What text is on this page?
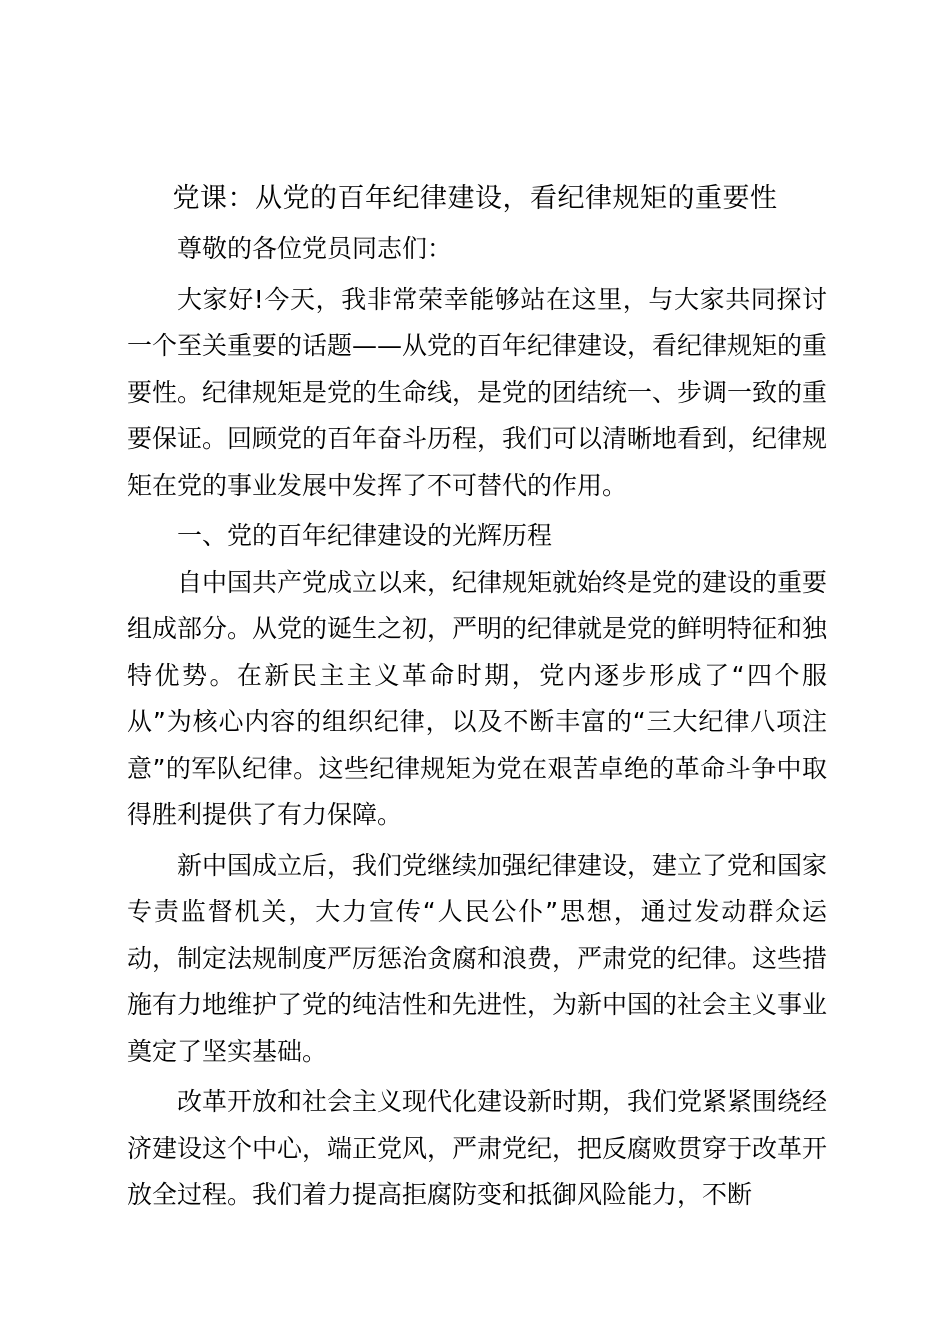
党课：从党的百年纪律建设，看纪律规矩的重要性

尊敬的各位党员同志们：

大家好!今天，我非常荣幸能够站在这里，与大家共同探讨一个至关重要的话题——从党的百年纪律建设，看纪律规矩的重要性。纪律规矩是党的生命线，是党的团结统一、步调一致的重要保证。回顾党的百年奋斗历程，我们可以清晰地看到，纪律规矩在党的事业发展中发挥了不可替代的作用。

一、党的百年纪律建设的光辉历程

自中国共产党成立以来，纪律规矩就始终是党的建设的重要组成部分。从党的诞生之初，严明的纪律就是党的鲜明特征和独特优势。在新民主主义革命时期，党内逐步形成了“四个服从”为核心内容的组织纪律，以及不断丰富的“三大纪律八项注意”的军队纪律。这些纪律规矩为党在艰苦卓绝的革命斗争中取得胜利提供了有力保障。

新中国成立后，我们党继续加强纪律建设，建立了党和国家专责监督机关，大力宣传“人民公仆”思想，通过发动群众运动，制定法规制度严厉惩治贪腐和浪费，严肃党的纪律。这些措施有力地维护了党的纯洁性和先进性，为新中国的社会主义事业奠定了坚实基础。

改革开放和社会主义现代化建设新时期，我们党紧紧围绕经济建设这个中心，端正党风，严肃党纪，把反腐败贯穿于改革开放全过程。我们着力提高拒腐防变和抵御风险能力，不断
